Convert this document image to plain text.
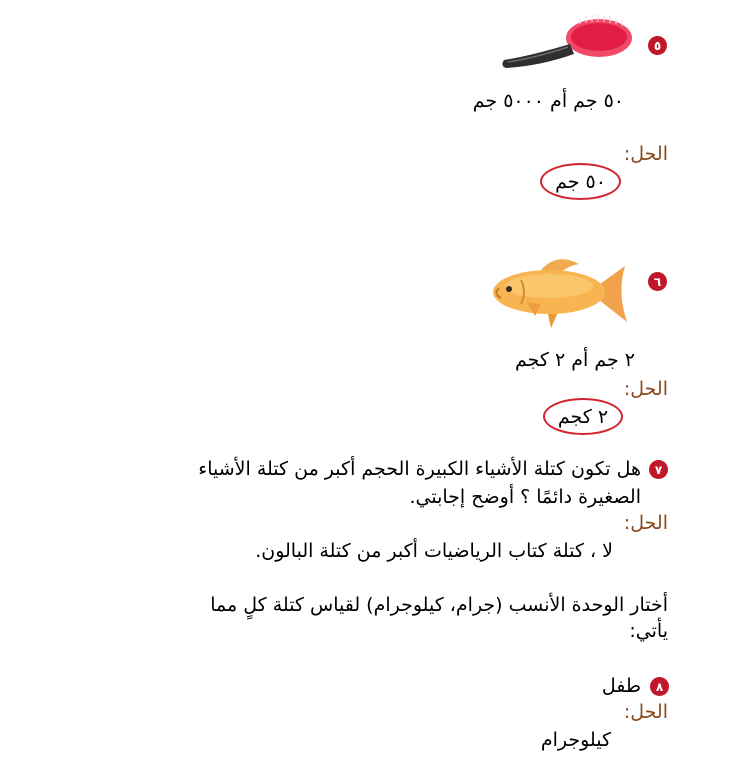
٥
٥٠ جم أم ٥٠٠٠ جم
الحل:
٥٠ جم
٦
٢ جم أم ٢ كجم
الحل:
٢ كجم
٧
هل تكون كتلة الأشياء الكبيرة الحجم أكبر من كتلة الأشياء
الصغيرة دائمًا ؟ أوضح إجابتي.
الحل:
لا ، كتلة كتاب الرياضيات أكبر من كتلة البالون.
أختار الوحدة الأنسب (جرام، كيلوجرام) لقياس كتلة كلٍ مما
يأتي:
٨
طفل
الحل:
كيلوجرام
